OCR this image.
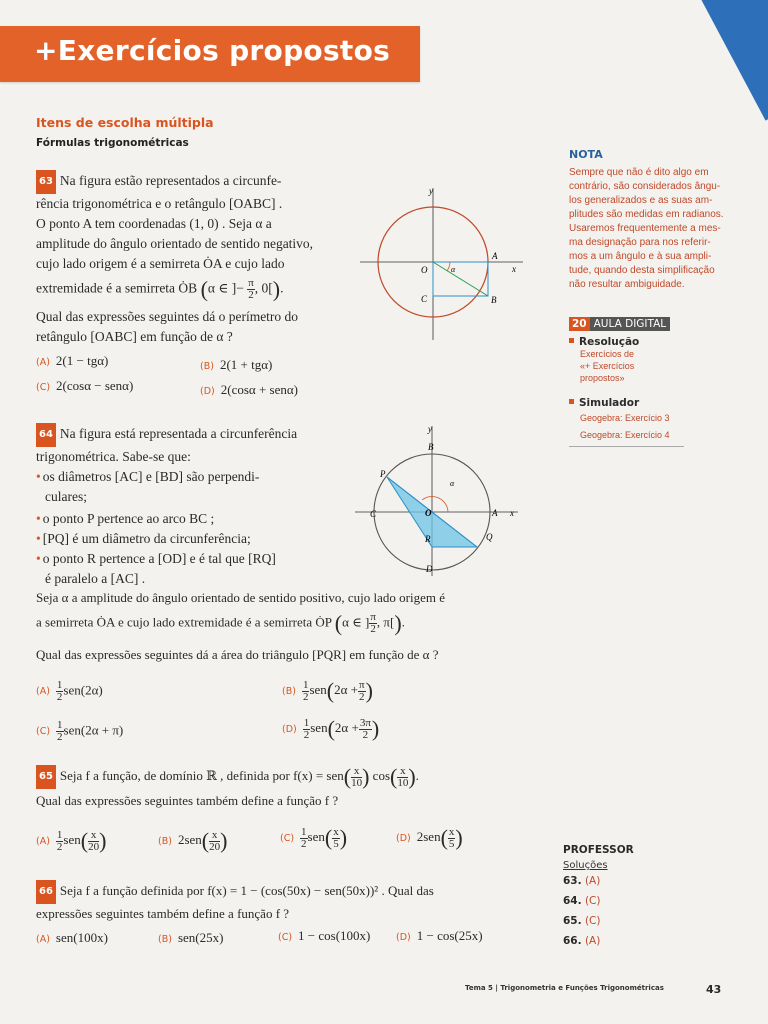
+Exercícios propostos
Itens de escolha múltipla
Fórmulas trigonométricas
63 Na figura estão representados a circunfe-
rência trigonométrica e o retângulo [OABC] .
O ponto A tem coordenadas (1, 0) . Seja α a
amplitude do ângulo orientado de sentido negativo,
cujo lado origem é a semirreta ȮA e cujo lado
extremidade é a semirreta ȮB (α ∈ ]− $\frac{\pi}{2}$ , 0[).
Qual das expressões seguintes dá o perímetro do
retângulo [OABC] em função de α ?
(A) 2(1 − tgα)	(B) 2(1 + tgα)
(C) 2(cosα − senα)	(D) 2(cosα + senα)
y
x
O
A
B
C
α
64 Na figura está representada a circunferência
trigonométrica. Sabe-se que:
• os diâmetros [AC] e [BD] são perpendi-
culares;
• o ponto P pertence ao arco BC ;
• [PQ] é um diâmetro da circunferência;
• o ponto R pertence a [OD] e é tal que [RQ]
é paralelo a [AC] .
Seja α a amplitude do ângulo orientado de sentido positivo, cujo lado origem é
a semirreta ȮA e cujo lado extremidade é a semirreta ȮP (α ∈ ] $\frac{\pi}{2}$ , π[).
Qual das expressões seguintes dá a área do triângulo [PQR] em função de α ?
$(A) \frac{1}{2} sen(2\alpha)$	$(B) \frac{1}{2} sen(2\alpha + \frac{\pi}{2}$ )
$(C) \frac{1}{2} sen(2\alpha + \pi)$	$(D) \frac{1}{2} sen(2\alpha + \frac{3\pi}{2}$ )
y
x
A
B
C
D
P
Q
R
O
α
65 Seja f a função, de domínio ℝ , definida por $f(x) = sen( \frac{x}{10}$ ) $\cos( \frac{x}{10}$ ).
Qual das expressões seguintes também define a função f ?
$(A) \frac{1}{2} sen( \frac{x}{20}$ )	(B) $2sen( \frac{x}{20}$ )	$(C) \frac{1}{2} sen( \frac{x}{5}$ )	(D) $2sen( \frac{x}{5}$ )
66 Seja f a função definida por f(x) = 1 − (cos(50x) − sen(50x))² . Qual das
expressões seguintes também define a função f ?
(A) sen(100x)	(B) sen(25x)	(C) 1 − cos(100x)	(D) 1 − cos(25x)
NOTA
Sempre que não é dito algo em
contrário, são considerados ângu-
los generalizados e as suas am-
plitudes são medidas em radianos.
Usaremos frequentemente a mes-
ma designação para nos referir-
mos a um ângulo e à sua ampli-
tude, quando desta simplificação
não resultar ambiguidade.
20 AULA DIGITAL
Resolução
Exercícios de
«+ Exercícios
propostos»
Simulador
Geogebra: Exercício 3
Geogebra: Exercício 4
PROFESSOR
Soluções
63. (A)
64. (C)
65. (C)
66. (A)
Tema 5 | Trigonometria e Funções Trigonométricas	43
